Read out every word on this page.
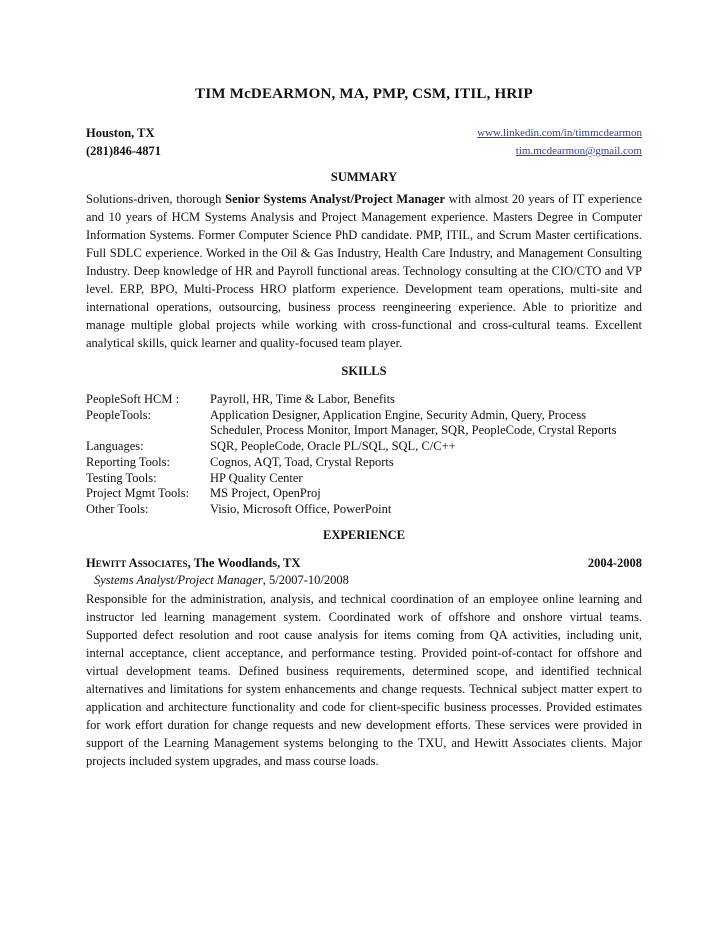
TIM McDEARMON, MA, PMP, CSM, ITIL, HRIP
Houston, TX	www.linkedin.com/in/timmcdearmon
(281)846-4871	tim.mcdearmon@gmail.com
SUMMARY
Solutions-driven, thorough Senior Systems Analyst/Project Manager with almost 20 years of IT experience and 10 years of HCM Systems Analysis and Project Management experience. Masters Degree in Computer Information Systems. Former Computer Science PhD candidate. PMP, ITIL, and Scrum Master certifications. Full SDLC experience. Worked in the Oil & Gas Industry, Health Care Industry, and Management Consulting Industry. Deep knowledge of HR and Payroll functional areas. Technology consulting at the CIO/CTO and VP level. ERP, BPO, Multi-Process HRO platform experience. Development team operations, multi-site and international operations, outsourcing, business process reengineering experience. Able to prioritize and manage multiple global projects while working with cross-functional and cross-cultural teams. Excellent analytical skills, quick learner and quality-focused team player.
SKILLS
PeopleSoft HCM :	Payroll, HR, Time & Labor, Benefits
PeopleTools:	Application Designer, Application Engine, Security Admin, Query, Process
Scheduler, Process Monitor, Import Manager, SQR, PeopleCode, Crystal Reports
Languages:	SQR, PeopleCode, Oracle PL/SQL, SQL, C/C++
Reporting Tools:	Cognos, AQT, Toad, Crystal Reports
Testing Tools:	HP Quality Center
Project Mgmt Tools:	MS Project, OpenProj
Other Tools:	Visio, Microsoft Office, PowerPoint
EXPERIENCE
Hewitt Associates, The Woodlands, TX	2004-2008
Systems Analyst/Project Manager, 5/2007-10/2008
Responsible for the administration, analysis, and technical coordination of an employee online learning and instructor led learning management system. Coordinated work of offshore and onshore virtual teams. Supported defect resolution and root cause analysis for items coming from QA activities, including unit, internal acceptance, client acceptance, and performance testing. Provided point-of-contact for offshore and virtual development teams. Defined business requirements, determined scope, and identified technical alternatives and limitations for system enhancements and change requests. Technical subject matter expert to application and architecture functionality and code for client-specific business processes. Provided estimates for work effort duration for change requests and new development efforts. These services were provided in support of the Learning Management systems belonging to the TXU, and Hewitt Associates clients. Major projects included system upgrades, and mass course loads.
